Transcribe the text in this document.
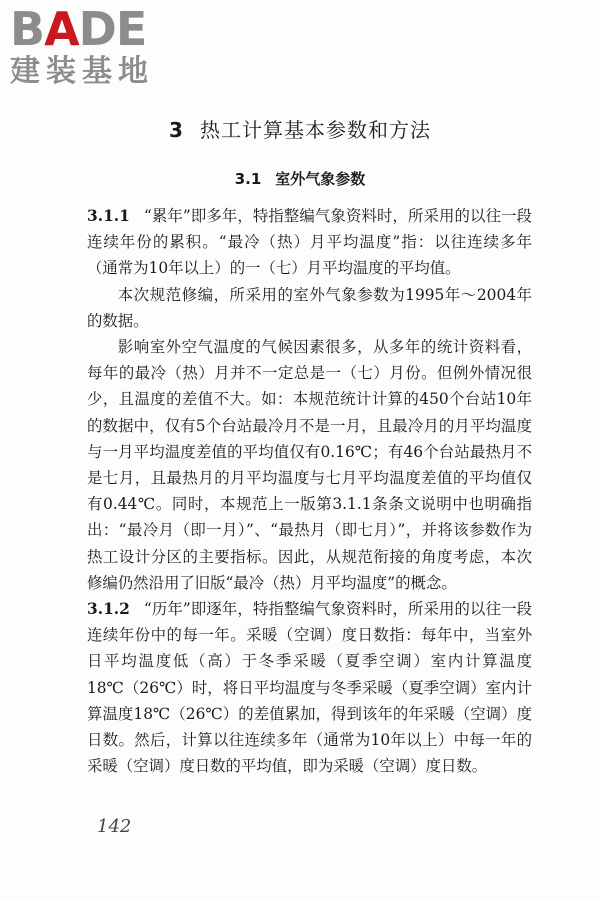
BADE
建装基地
3 热工计算基本参数和方法
3.1 室外气象参数

3.1.1 “累年”即多年，特指整编气象资料时，所采用的以往一段连续年份的累积。“最冷（热）月平均温度”指：以往连续多年（通常为10年以上）的一（七）月平均温度的平均值。

本次规范修编，所采用的室外气象参数为1995年～2004年的数据。

影响室外空气温度的气候因素很多，从多年的统计资料看，每年的最冷（热）月并不一定总是一（七）月份。但例外情况很少，且温度的差值不大。如：本规范统计计算的450个台站10年的数据中，仅有5个台站最冷月不是一月，且最冷月的月平均温度与一月平均温度差值的平均值仅有0.16℃；有46个台站最热月不是七月，且最热月的月平均温度与七月平均温度差值的平均值仅有0.44℃。同时，本规范上一版第3.1.1条条文说明中也明确指出：“最冷月（即一月）”、“最热月（即七月）”，并将该参数作为热工设计分区的主要指标。因此，从规范衔接的角度考虑，本次修编仍然沿用了旧版“最冷（热）月平均温度”的概念。

3.1.2 “历年”即逐年，特指整编气象资料时，所采用的以往一段连续年份中的每一年。采暖（空调）度日数指：每年中，当室外日平均温度低（高）于冬季采暖（夏季空调）室内计算温度18℃（26℃）时，将日平均温度与冬季采暖（夏季空调）室内计算温度18℃（26℃）的差值累加，得到该年的年采暖（空调）度日数。然后，计算以往连续多年（通常为10年以上）中每一年的采暖（空调）度日数的平均值，即为采暖（空调）度日数。

142
